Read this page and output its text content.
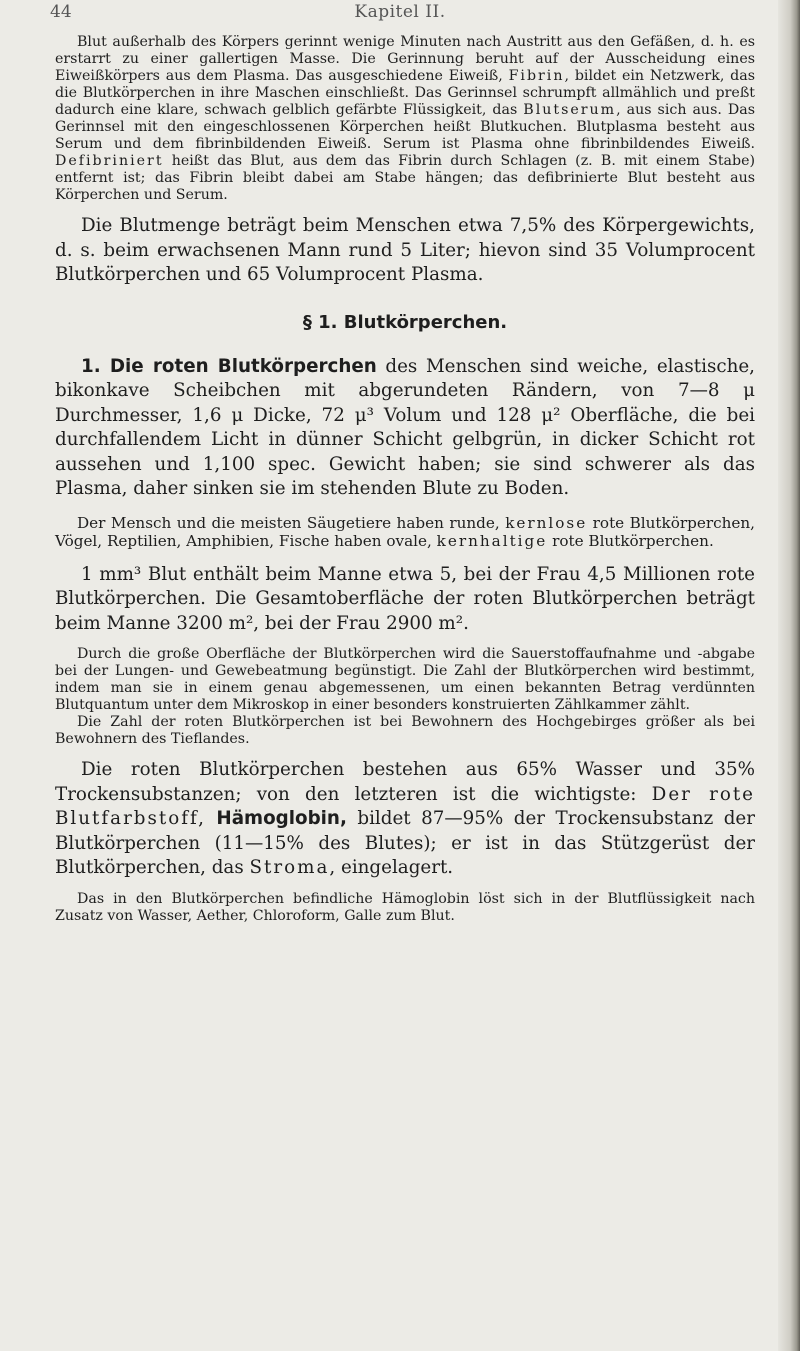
44	Kapitel II.

Blut außerhalb des Körpers gerinnt wenige Minuten nach Austritt aus den Gefäßen, d. h. es erstarrt zu einer gallertigen Masse. Die Gerinnung beruht auf der Ausscheidung eines Eiweißkörpers aus dem Plasma. Das ausgeschiedene Eiweiß, Fibrin, bildet ein Netzwerk, das die Blutkörperchen in ihre Maschen einschließt. Das Gerinnsel schrumpft allmählich und preßt dadurch eine klare, schwach gelblich gefärbte Flüssigkeit, das Blutserum, aus sich aus. Das Gerinnsel mit den eingeschlossenen Körperchen heißt Blutkuchen. Blutplasma besteht aus Serum und dem fibrinbildenden Eiweiß. Serum ist Plasma ohne fibrinbildendes Eiweiß. Defibriniert heißt das Blut, aus dem das Fibrin durch Schlagen (z. B. mit einem Stabe) entfernt ist; das Fibrin bleibt dabei am Stabe hängen; das defibrinierte Blut besteht aus Körperchen und Serum.

Die Blutmenge beträgt beim Menschen etwa 7,5% des Körpergewichts, d. s. beim erwachsenen Mann rund 5 Liter; hievon sind 35 Volumprocent Blutkörperchen und 65 Volumprocent Plasma.

§ 1. Blutkörperchen.

1. Die roten Blutkörperchen des Menschen sind weiche, elastische, bikonkave Scheibchen mit abgerundeten Rändern, von 7—8 μ Durchmesser, 1,6 μ Dicke, 72 μ³ Volum und 128 μ² Oberfläche, die bei durchfallendem Licht in dünner Schicht gelbgrün, in dicker Schicht rot aussehen und 1,100 spec. Gewicht haben; sie sind schwerer als das Plasma, daher sinken sie im stehenden Blute zu Boden.

Der Mensch und die meisten Säugetiere haben runde, kernlose rote Blutkörperchen, Vögel, Reptilien, Amphibien, Fische haben ovale, kernhaltige rote Blutkörperchen.

1 mm³ Blut enthält beim Manne etwa 5, bei der Frau 4,5 Millionen rote Blutkörperchen. Die Gesamtoberfläche der roten Blutkörperchen beträgt beim Manne 3200 m², bei der Frau 2900 m².

Durch die große Oberfläche der Blutkörperchen wird die Sauerstoffaufnahme und -abgabe bei der Lungen- und Gewebeatmung begünstigt. Die Zahl der Blutkörperchen wird bestimmt, indem man sie in einem genau abgemessenen, um einen bekannten Betrag verdünnten Blutquantum unter dem Mikroskop in einer besonders konstruierten Zählkammer zählt.

Die Zahl der roten Blutkörperchen ist bei Bewohnern des Hochgebirges größer als bei Bewohnern des Tieflandes.

Die roten Blutkörperchen bestehen aus 65% Wasser und 35% Trockensubstanzen; von den letzteren ist die wichtigste: Der rote Blutfarbstoff, Hämoglobin, bildet 87—95% der Trockensubstanz der Blutkörperchen (11—15% des Blutes); er ist in das Stützgerüst der Blutkörperchen, das Stroma, eingelagert.

Das in den Blutkörperchen befindliche Hämoglobin löst sich in der Blutflüssigkeit nach Zusatz von Wasser, Aether, Chloroform, Galle zum Blut.
